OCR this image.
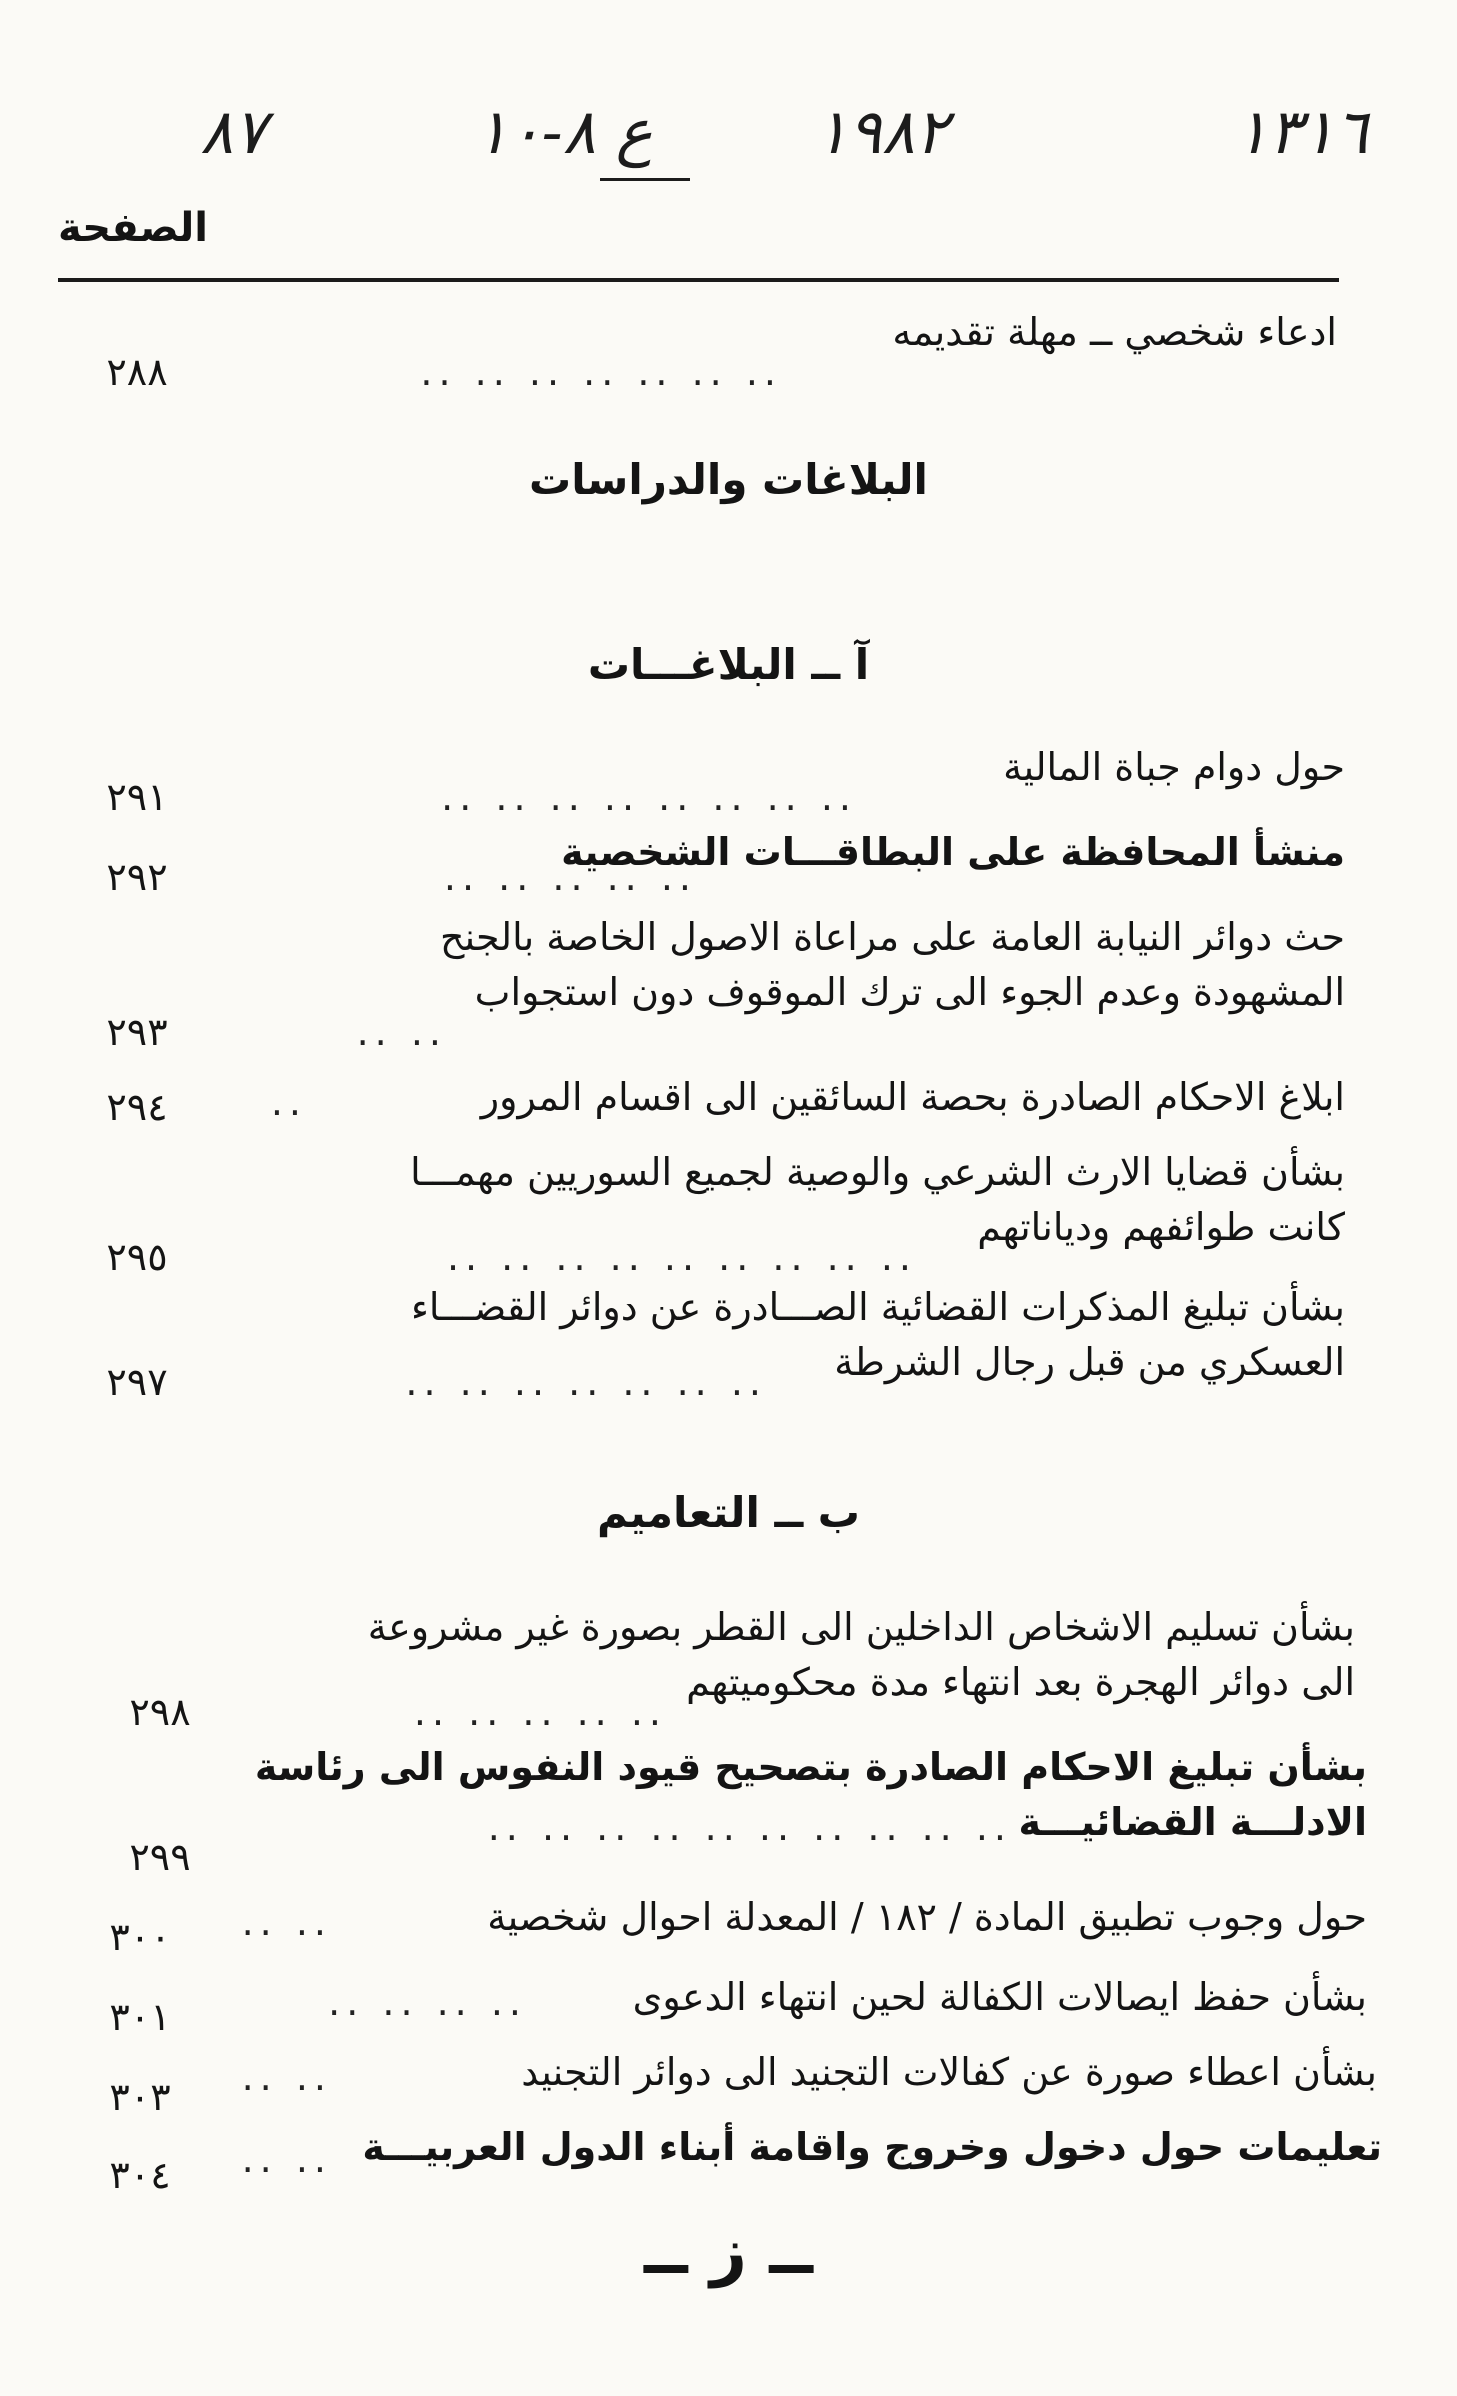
٨٧	ع ٨-١٠	١٩٨٢	١٣١٦
الصفحة
ادعاء شخصي ــ مهلة تقديمه
.. .. .. .. .. .. ..
٢٨٨
البلاغات والدراسات
آ ــ البلاغـــات
حول دوام جباة المالية
.. .. .. .. .. .. .. ..
٢٩١
منشأ المحافظة على البطاقـــات الشخصية
.. .. .. .. ..
٢٩٢
حث دوائر النيابة العامة على مراعاة الاصول الخاصة بالجنح
المشهودة وعدم الجوء الى ترك الموقوف دون استجواب
.. ..
٢٩٣
ابلاغ الاحكام الصادرة بحصة السائقين الى اقسام المرور
..
٢٩٤
بشأن قضايا الارث الشرعي والوصية لجميع السوريين مهمـــا
كانت طوائفهم ودياناتهم
.. .. .. .. .. .. .. .. ..
٢٩٥
بشأن تبليغ المذكرات القضائية الصـــادرة عن دوائر القضـــاء
العسكري من قبل رجال الشرطة
.. .. .. .. .. .. ..
٢٩٧
ب ــ التعاميم
بشأن تسليم الاشخاص الداخلين الى القطر بصورة غير مشروعة
الى دوائر الهجرة بعد انتهاء مدة محكوميتهم
.. .. .. .. ..
٢٩٨
بشأن تبليغ الاحكام الصادرة بتصحيح قيود النفوس الى رئاسة
الادلـــة القضائيـــة
.. .. .. .. .. .. .. .. .. ..
٢٩٩
حول وجوب تطبيق المادة / ١٨٢ / المعدلة احوال شخصية
.. ..
٣٠٠
بشأن حفظ ايصالات الكفالة لحين انتهاء الدعوى
.. .. .. ..
٣٠١
بشأن اعطاء صورة عن كفالات التجنيد الى دوائر التجنيد
.. ..
٣٠٣
تعليمات حول دخول وخروج واقامة أبناء الدول العربيـــة
.. ..
٣٠٤
ــ ز ــ
